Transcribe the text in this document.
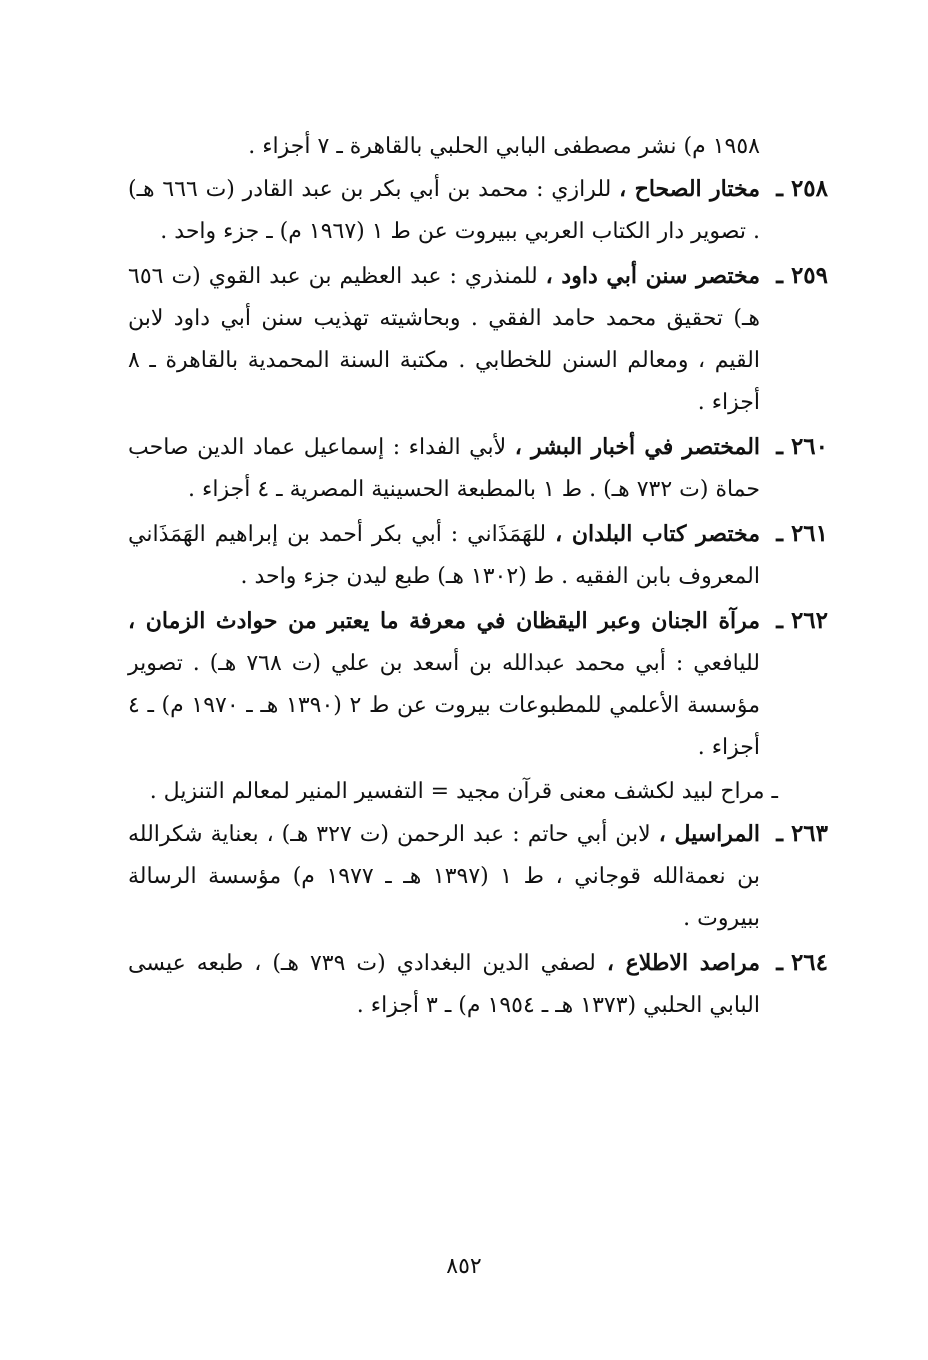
١٩٥٨ م) نشر مصطفى البابي الحلبي بالقاهرة ـ ٧ أجزاء .
٢٥٨ ـ
مختار الصحاح ، للرازي : محمد بن أبي بكر بن عبد القادر (ت ٦٦٦ هـ) . تصوير دار الكتاب العربي ببيروت عن ط ١ (١٩٦٧ م) ـ جزء واحد .
٢٥٩ ـ
مختصر سنن أبي داود ، للمنذري : عبد العظيم بن عبد القوي (ت ٦٥٦ هـ) تحقيق محمد حامد الفقي . وبحاشيته تهذيب سنن أبي داود لابن القيم ، ومعالم السنن للخطابي . مكتبة السنة المحمدية بالقاهرة ـ ٨ أجزاء .
٢٦٠ ـ
المختصر في أخبار البشر ، لأبي الفداء : إسماعيل عماد الدين صاحب حماة (ت ٧٣٢ هـ) . ط ١ بالمطبعة الحسينية المصرية ـ ٤ أجزاء .
٢٦١ ـ
مختصر كتاب البلدان ، للهَمَذَاني : أبي بكر أحمد بن إبراهيم الهَمَذَاني المعروف بابن الفقيه . ط (١٣٠٢ هـ) طبع ليدن جزء واحد .
٢٦٢ ـ
مرآة الجنان وعبر اليقظان في معرفة ما يعتبر من حوادث الزمان ، لليافعي : أبي محمد عبدالله بن أسعد بن علي (ت ٧٦٨ هـ) . تصوير مؤسسة الأعلمي للمطبوعات بيروت عن ط ٢ (١٣٩٠ هـ ـ ١٩٧٠ م) ـ ٤ أجزاء .
ـ مراح لبيد لكشف معنى قرآن مجيد = التفسير المنير لمعالم التنزيل .
٢٦٣ ـ
المراسيل ، لابن أبي حاتم : عبد الرحمن (ت ٣٢٧ هـ) ، بعناية شكرالله بن نعمةالله قوجاني ، ط ١ (١٣٩٧ هـ ـ ١٩٧٧ م) مؤسسة الرسالة ببيروت .
٢٦٤ ـ
مراصد الاطلاع ، لصفي الدين البغدادي (ت ٧٣٩ هـ) ، طبعه عيسى البابي الحلبي (١٣٧٣ هـ ـ ١٩٥٤ م) ـ ٣ أجزاء .
٨٥٢
